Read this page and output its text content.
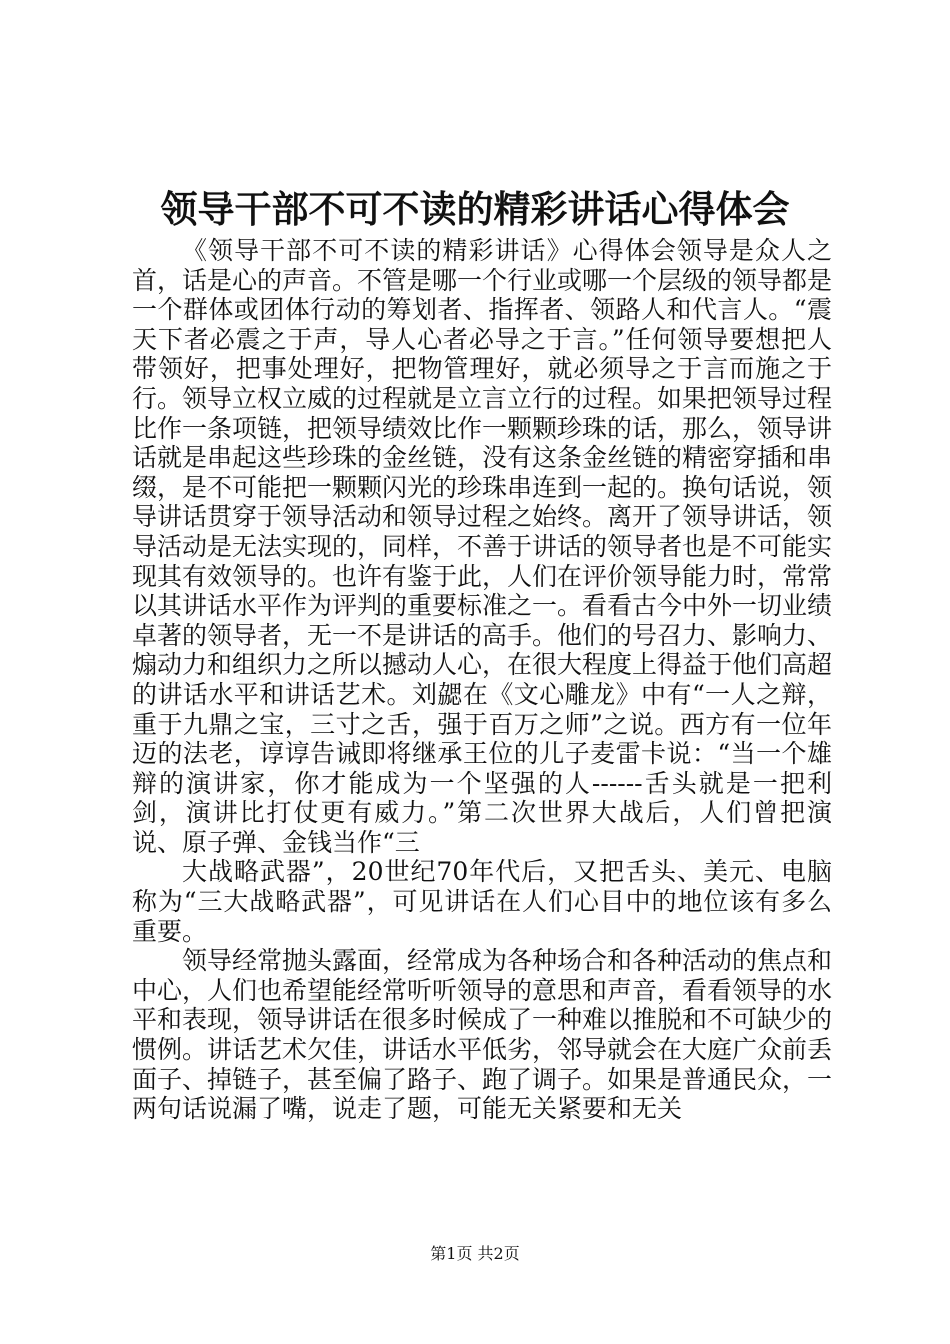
领导干部不可不读的精彩讲话心得体会

《领导干部不可不读的精彩讲话》心得体会领导是众人之首，话是心的声音。不管是哪一个行业或哪一个层级的领导都是一个群体或团体行动的筹划者、指挥者、领路人和代言人。“震天下者必震之于声，导人心者必导之于言。”任何领导要想把人带领好，把事处理好，把物管理好，就必须导之于言而施之于行。领导立权立威的过程就是立言立行的过程。如果把领导过程比作一条项链，把领导绩效比作一颗颗珍珠的话，那么，领导讲话就是串起这些珍珠的金丝链，没有这条金丝链的精密穿插和串缀，是不可能把一颗颗闪光的珍珠串连到一起的。换句话说，领导讲话贯穿于领导活动和领导过程之始终。离开了领导讲话，领导活动是无法实现的，同样，不善于讲话的领导者也是不可能实现其有效领导的。也许有鉴于此，人们在评价领导能力时，常常以其讲话水平作为评判的重要标准之一。看看古今中外一切业绩卓著的领导者，无一不是讲话的高手。他们的号召力、影响力、煽动力和组织力之所以撼动人心，在很大程度上得益于他们高超的讲话水平和讲话艺术。刘勰在《文心雕龙》中有“一人之辩，重于九鼎之宝，三寸之舌，强于百万之师”之说。西方有一位年迈的法老，谆谆告诫即将继承王位的儿子麦雷卡说：“当一个雄辩的演讲家，你才能成为一个坚强的人------舌头就是一把利剑，演讲比打仗更有威力。”第二次世界大战后，人们曾把演说、原子弹、金钱当作“三

大战略武器”，20世纪70年代后，又把舌头、美元、电脑称为“三大战略武器”，可见讲话在人们心目中的地位该有多么重要。

领导经常抛头露面，经常成为各种场合和各种活动的焦点和中心，人们也希望能经常听听领导的意思和声音，看看领导的水平和表现，领导讲话在很多时候成了一种难以推脱和不可缺少的惯例。讲话艺术欠佳，讲话水平低劣，邻导就会在大庭广众前丢面子、掉链子，甚至偏了路子、跑了调子。如果是普通民众，一两句话说漏了嘴，说走了题，可能无关紧要和无关

第1页 共2页
